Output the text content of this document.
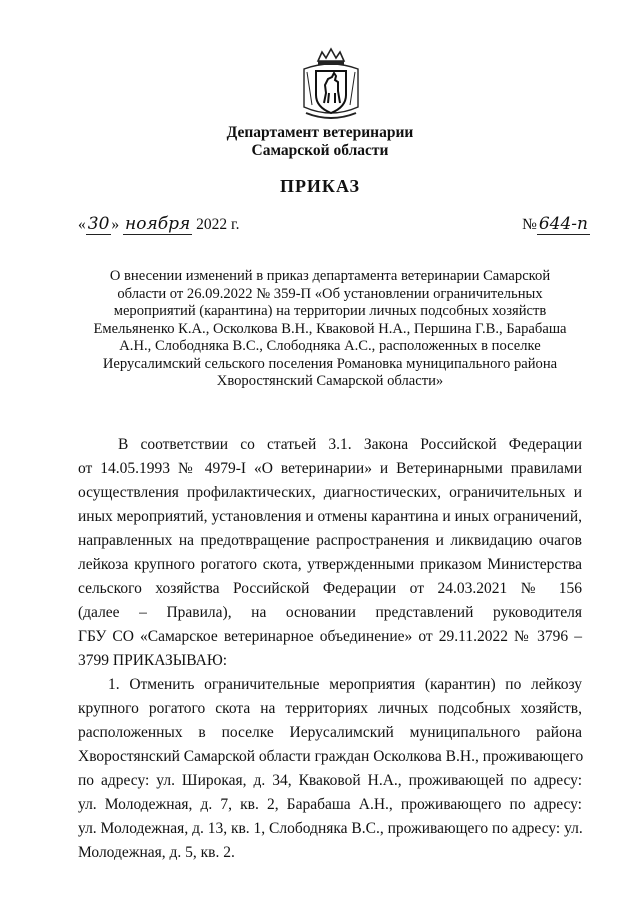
Департамент ветеринарии
Самарской области
ПРИКАЗ
« 30 » ноября 2022 г.	№ 644-п
О внесении изменений в приказ департамента ветеринарии Самарской
области от 26.09.2022 № 359-П «Об установлении ограничительных
мероприятий (карантина) на территории личных подсобных хозяйств
Емельяненко К.А., Осколкова В.Н., Кваковой Н.А., Першина Г.В., Барабаша
А.Н., Слободняка В.С., Слободняка А.С., расположенных в поселке
Иерусалимский сельского поселения Романовка муниципального района
Хворостянский Самарской области»
В соответствии со статьей 3.1. Закона Российской Федерации
от 14.05.1993 № 4979-I «О ветеринарии» и Ветеринарными правилами
осуществления профилактических, диагностических, ограничительных и
иных мероприятий, установления и отмены карантина и иных ограничений,
направленных на предотвращение распространения и ликвидацию очагов
лейкоза крупного рогатого скота, утвержденными приказом Министерства
сельского хозяйства Российской Федерации от 24.03.2021 № 156
(далее – Правила), на основании представлений руководителя
ГБУ СО «Самарское ветеринарное объединение» от 29.11.2022 № 3796 –
3799 ПРИКАЗЫВАЮ:
1. Отменить ограничительные мероприятия (карантин) по лейкозу
крупного рогатого скота на территориях личных подсобных хозяйств,
расположенных в поселке Иерусалимский муниципального района
Хворостянский Самарской области граждан Осколкова В.Н., проживающего
по адресу: ул. Широкая, д. 34, Кваковой Н.А., проживающей по адресу:
ул. Молодежная, д. 7, кв. 2, Барабаша А.Н., проживающего по адресу:
ул. Молодежная, д. 13, кв. 1, Слободняка В.С., проживающего по адресу: ул.
Молодежная, д. 5, кв. 2.
